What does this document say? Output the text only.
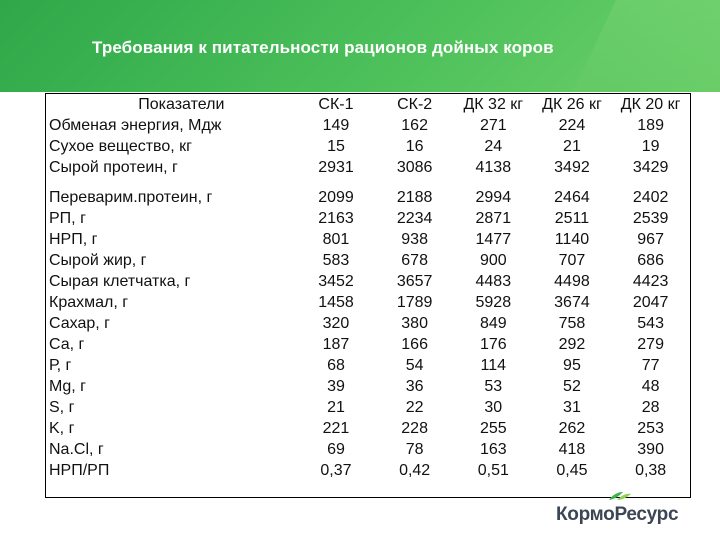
Требования к питательности рационов дойных коров
Показатели	СК-1	СК-2	ДК 32 кг	ДК 26 кг	ДК 20 кг
Обменая энергия, Мдж	149	162	271	224	189
Сухое вещество, кг	15	16	24	21	19
Сырой протеин, г	2931	3086	4138	3492	3429
Переварим.протеин, г	2099	2188	2994	2464	2402
РП, г	2163	2234	2871	2511	2539
НРП, г	801	938	1477	1140	967
Сырой жир, г	583	678	900	707	686
Сырая клетчатка, г	3452	3657	4483	4498	4423
Крахмал, г	1458	1789	5928	3674	2047
Сахар, г	320	380	849	758	543
Са, г	187	166	176	292	279
Р, г	68	54	114	95	77
Mg, г	39	36	53	52	48
S, г	21	22	30	31	28
K, г	221	228	255	262	253
Na.Cl, г	69	78	163	418	390
НРП/РП	0,37	0,42	0,51	0,45	0,38
КормоРесурс
